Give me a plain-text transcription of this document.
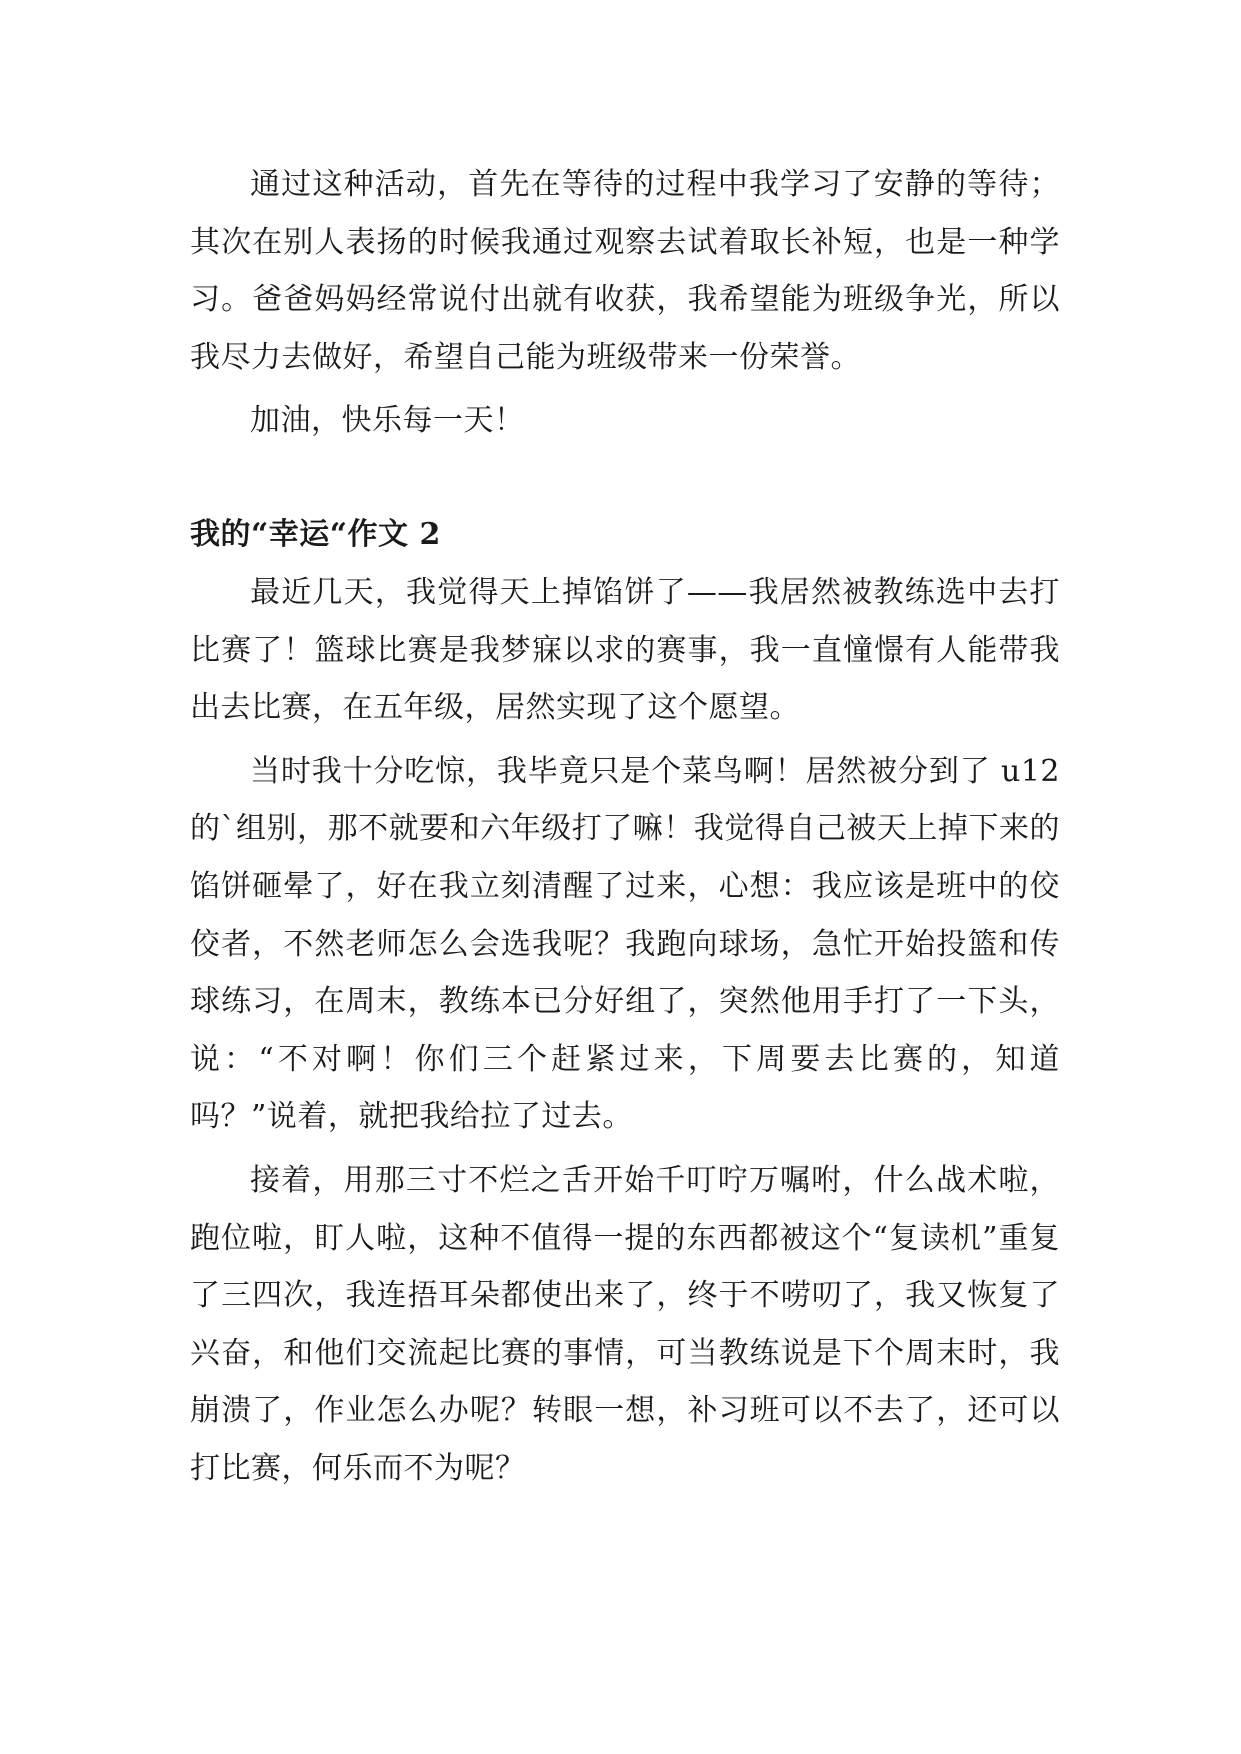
通过这种活动，首先在等待的过程中我学习了安静的等待；其次在别人表扬的时候我通过观察去试着取长补短，也是一种学习。爸爸妈妈经常说付出就有收获，我希望能为班级争光，所以我尽力去做好，希望自己能为班级带来一份荣誉。

加油，快乐每一天！

我的“幸运“作文 2

最近几天，我觉得天上掉馅饼了——我居然被教练选中去打比赛了！篮球比赛是我梦寐以求的赛事，我一直憧憬有人能带我出去比赛，在五年级，居然实现了这个愿望。

当时我十分吃惊，我毕竟只是个菜鸟啊！居然被分到了 u12 的`组别，那不就要和六年级打了嘛！我觉得自己被天上掉下来的馅饼砸晕了，好在我立刻清醒了过来，心想：我应该是班中的佼佼者，不然老师怎么会选我呢？我跑向球场，急忙开始投篮和传球练习，在周末，教练本已分好组了，突然他用手打了一下头，说：“不对啊！你们三个赶紧过来，下周要去比赛的，知道吗？”说着，就把我给拉了过去。

接着，用那三寸不烂之舌开始千叮咛万嘱咐，什么战术啦，跑位啦，盯人啦，这种不值得一提的东西都被这个“复读机”重复了三四次，我连捂耳朵都使出来了，终于不唠叨了，我又恢复了兴奋，和他们交流起比赛的事情，可当教练说是下个周末时，我崩溃了，作业怎么办呢？转眼一想，补习班可以不去了，还可以打比赛，何乐而不为呢？
